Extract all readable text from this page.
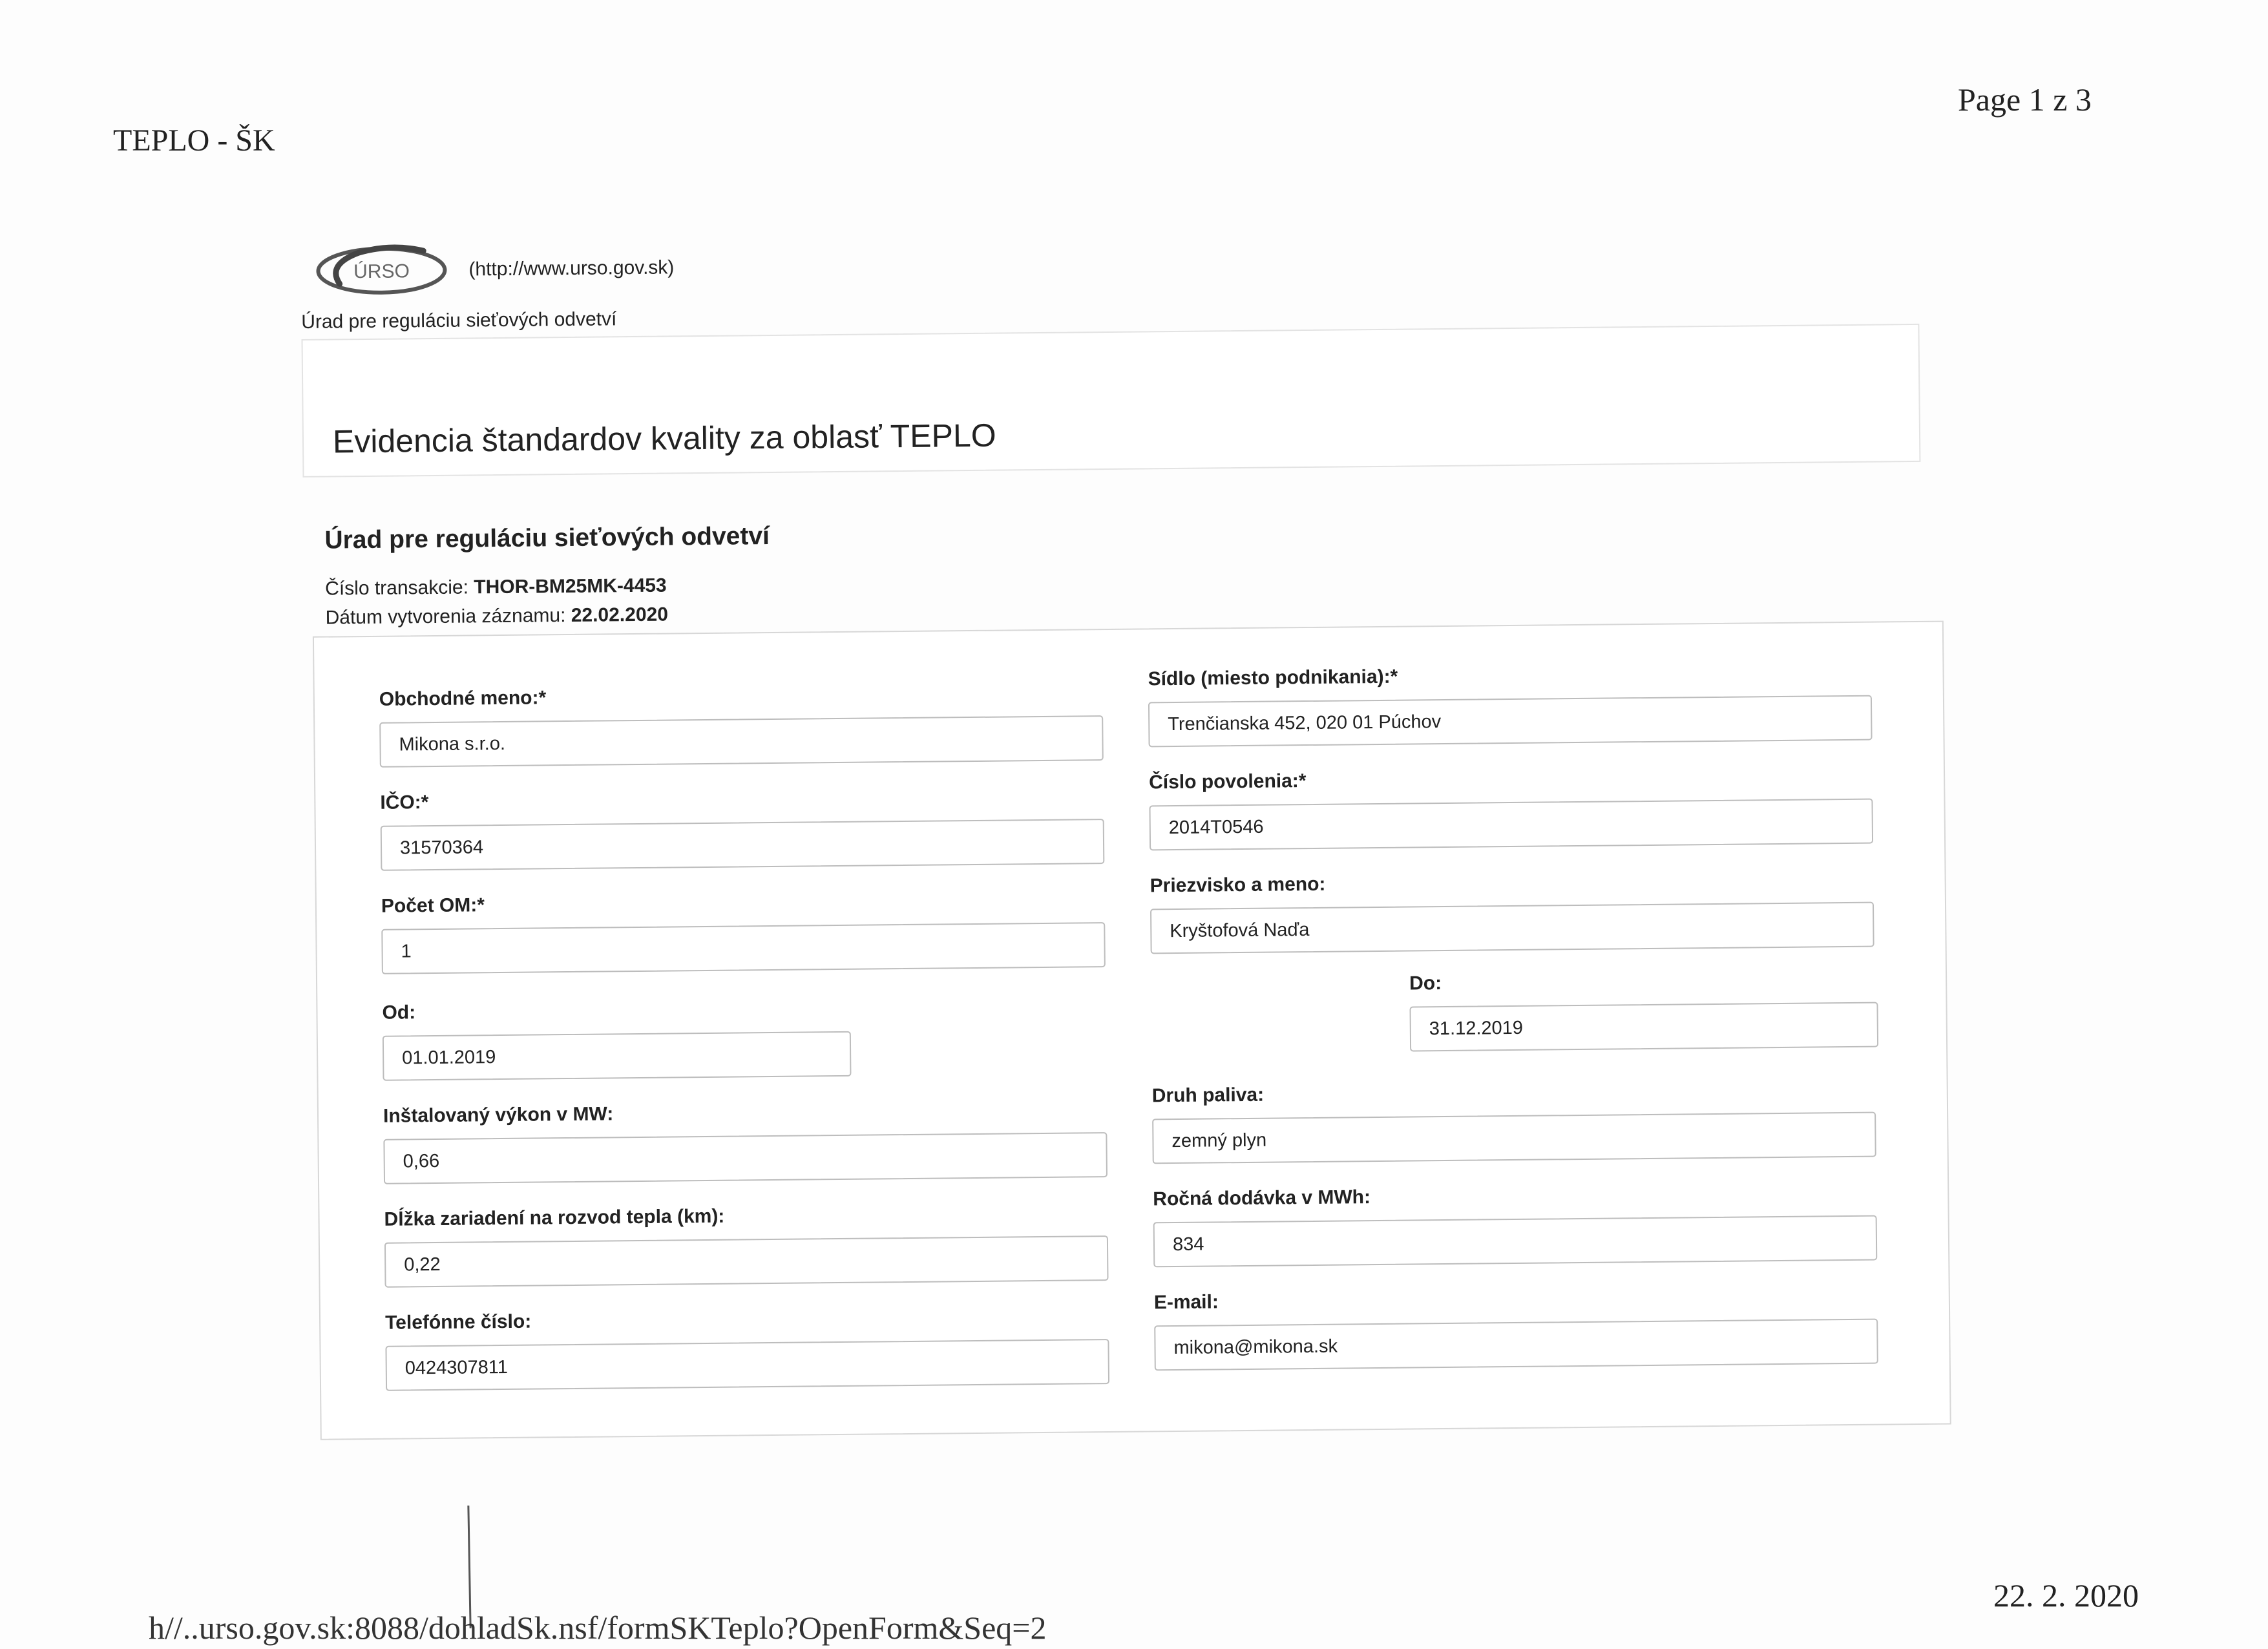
TEPLO - ŠK
Page 1 z 3
ÚRSO	(http://www.urso.gov.sk)
Úrad pre reguláciu sieťových odvetví
Evidencia štandardov kvality za oblasť TEPLO
Úrad pre reguláciu sieťových odvetví
Číslo transakcie: THOR-BM25MK-4453
Dátum vytvorenia záznamu: 22.02.2020
Obchodné meno:*
Mikona s.r.o.
Sídlo (miesto podnikania):*
Trenčianska 452, 020 01 Púchov
IČO:*
31570364
Číslo povolenia:*
2014T0546
Počet OM:*
1
Priezvisko a meno:
Kryštofová Naďa
Od:
01.01.2019
Do:
31.12.2019
Inštalovaný výkon v MW:
0,66
Druh paliva:
zemný plyn
Dĺžka zariadení na rozvod tepla (km):
0,22
Ročná dodávka v MWh:
834
Telefónne číslo:
0424307811
E-mail:
mikona@mikona.sk
22. 2. 2020
h//..urso.gov.sk:8088/dohladSk.nsf/formSKTeplo?OpenForm&Seq=2
